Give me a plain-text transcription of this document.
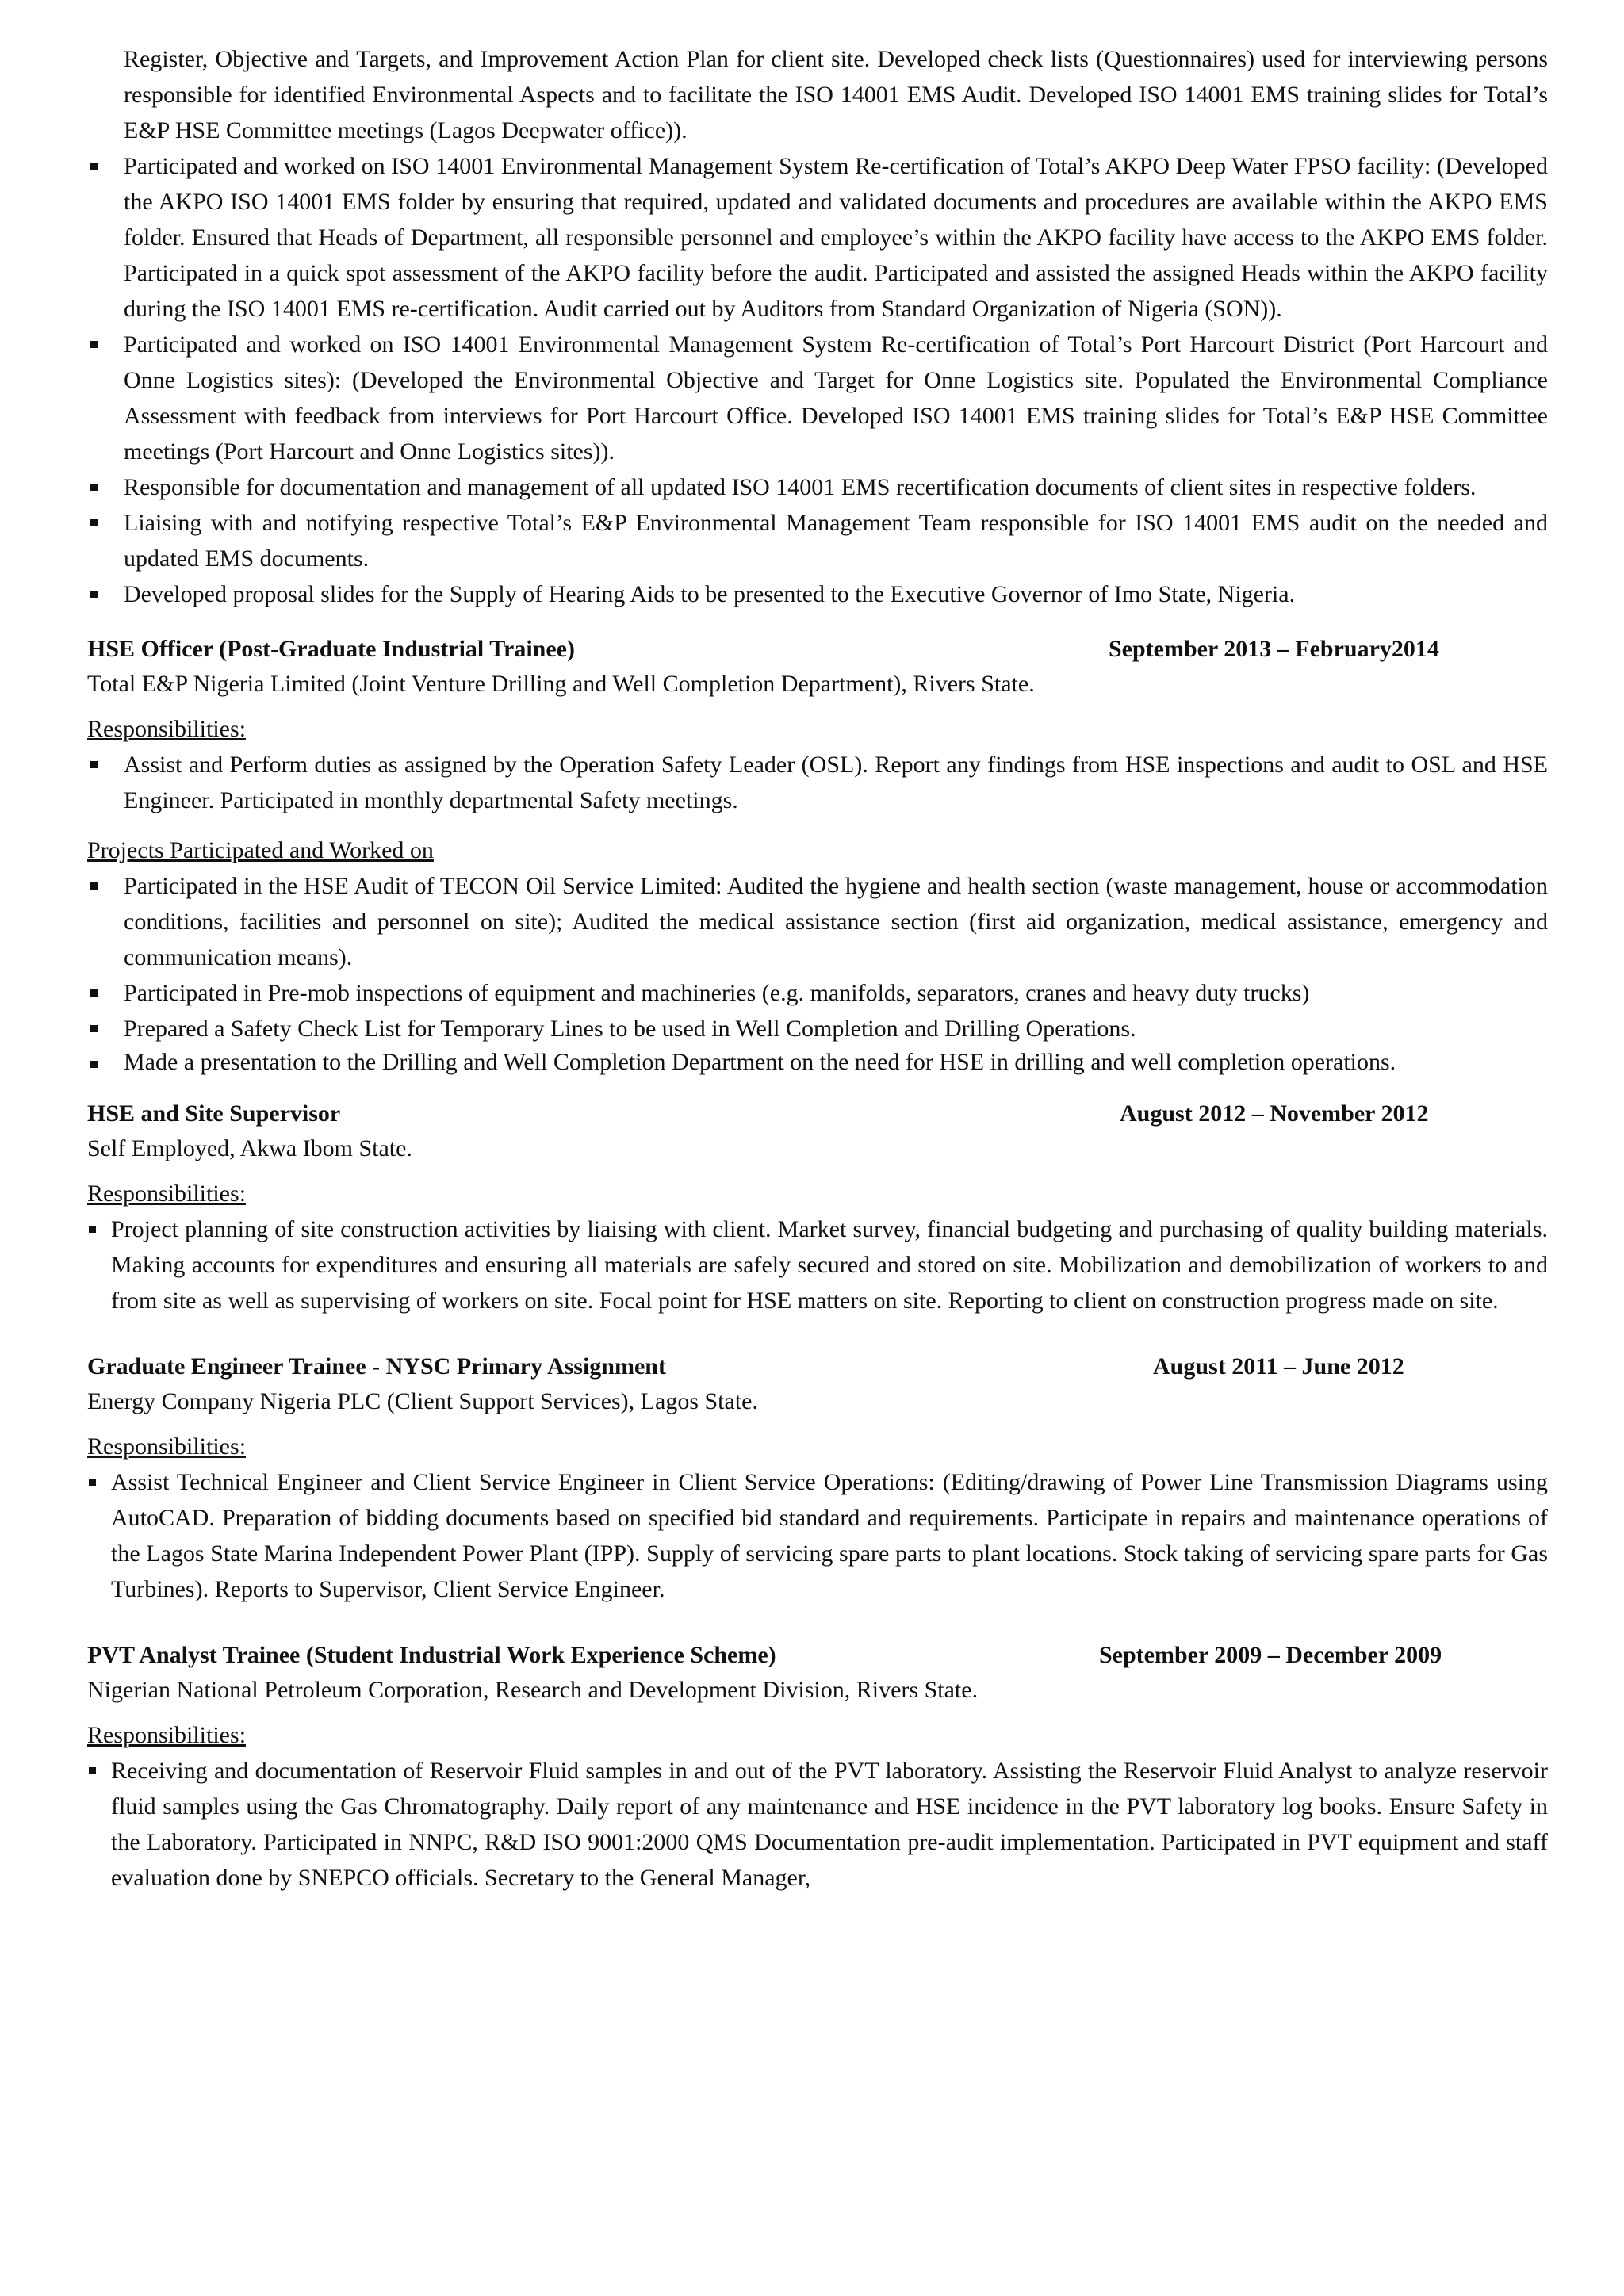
Register, Objective and Targets, and Improvement Action Plan for client site. Developed check lists (Questionnaires) used for interviewing persons responsible for identified Environmental Aspects and to facilitate the ISO 14001 EMS Audit. Developed ISO 14001 EMS training slides for Total’s E&P HSE Committee meetings (Lagos Deepwater office)).
Participated and worked on ISO 14001 Environmental Management System Re-certification of Total’s AKPO Deep Water FPSO facility: (Developed the AKPO ISO 14001 EMS folder by ensuring that required, updated and validated documents and procedures are available within the AKPO EMS folder. Ensured that Heads of Department, all responsible personnel and employee’s within the AKPO facility have access to the AKPO EMS folder. Participated in a quick spot assessment of the AKPO facility before the audit. Participated and assisted the assigned Heads within the AKPO facility during the ISO 14001 EMS re-certification. Audit carried out by Auditors from Standard Organization of Nigeria (SON)).
Participated and worked on ISO 14001 Environmental Management System Re-certification of Total’s Port Harcourt District (Port Harcourt and Onne Logistics sites): (Developed the Environmental Objective and Target for Onne Logistics site. Populated the Environmental Compliance Assessment with feedback from interviews for Port Harcourt Office. Developed ISO 14001 EMS training slides for Total’s E&P HSE Committee meetings (Port Harcourt and Onne Logistics sites)).
Responsible for documentation and management of all updated ISO 14001 EMS recertification documents of client sites in respective folders.
Liaising with and notifying respective Total’s E&P Environmental Management Team responsible for ISO 14001 EMS audit on the needed and updated EMS documents.
Developed proposal slides for the Supply of Hearing Aids to be presented to the Executive Governor of Imo State, Nigeria.
HSE Officer (Post-Graduate Industrial Trainee)	September 2013 – February2014
Total E&P Nigeria Limited (Joint Venture Drilling and Well Completion Department), Rivers State.
Responsibilities:
Assist and Perform duties as assigned by the Operation Safety Leader (OSL). Report any findings from HSE inspections and audit to OSL and HSE Engineer. Participated in monthly departmental Safety meetings.
Projects Participated and Worked on
Participated in the HSE Audit of TECON Oil Service Limited: Audited the hygiene and health section (waste management, house or accommodation conditions, facilities and personnel on site); Audited the medical assistance section (first aid organization, medical assistance, emergency and communication means).
Participated in Pre-mob inspections of equipment and machineries (e.g. manifolds, separators, cranes and heavy duty trucks)
Prepared a Safety Check List for Temporary Lines to be used in Well Completion and Drilling Operations.
Made a presentation to the Drilling and Well Completion Department on the need for HSE in drilling and well completion operations.
HSE and Site Supervisor	August 2012 – November 2012
Self Employed, Akwa Ibom State.
Responsibilities:
Project planning of site construction activities by liaising with client. Market survey, financial budgeting and purchasing of quality building materials. Making accounts for expenditures and ensuring all materials are safely secured and stored on site. Mobilization and demobilization of workers to and from site as well as supervising of workers on site. Focal point for HSE matters on site. Reporting to client on construction progress made on site.
Graduate Engineer Trainee - NYSC Primary Assignment	August 2011 – June 2012
Energy Company Nigeria PLC (Client Support Services), Lagos State.
Responsibilities:
Assist Technical Engineer and Client Service Engineer in Client Service Operations: (Editing/drawing of Power Line Transmission Diagrams using AutoCAD. Preparation of bidding documents based on specified bid standard and requirements. Participate in repairs and maintenance operations of the Lagos State Marina Independent Power Plant (IPP). Supply of servicing spare parts to plant locations. Stock taking of servicing spare parts for Gas Turbines). Reports to Supervisor, Client Service Engineer.
PVT Analyst Trainee (Student Industrial Work Experience Scheme)	September 2009 – December 2009
Nigerian National Petroleum Corporation, Research and Development Division, Rivers State.
Responsibilities:
Receiving and documentation of Reservoir Fluid samples in and out of the PVT laboratory. Assisting the Reservoir Fluid Analyst to analyze reservoir fluid samples using the Gas Chromatography. Daily report of any maintenance and HSE incidence in the PVT laboratory log books. Ensure Safety in the Laboratory. Participated in NNPC, R&D ISO 9001:2000 QMS Documentation pre-audit implementation. Participated in PVT equipment and staff evaluation done by SNEPCO officials. Secretary to the General Manager,
